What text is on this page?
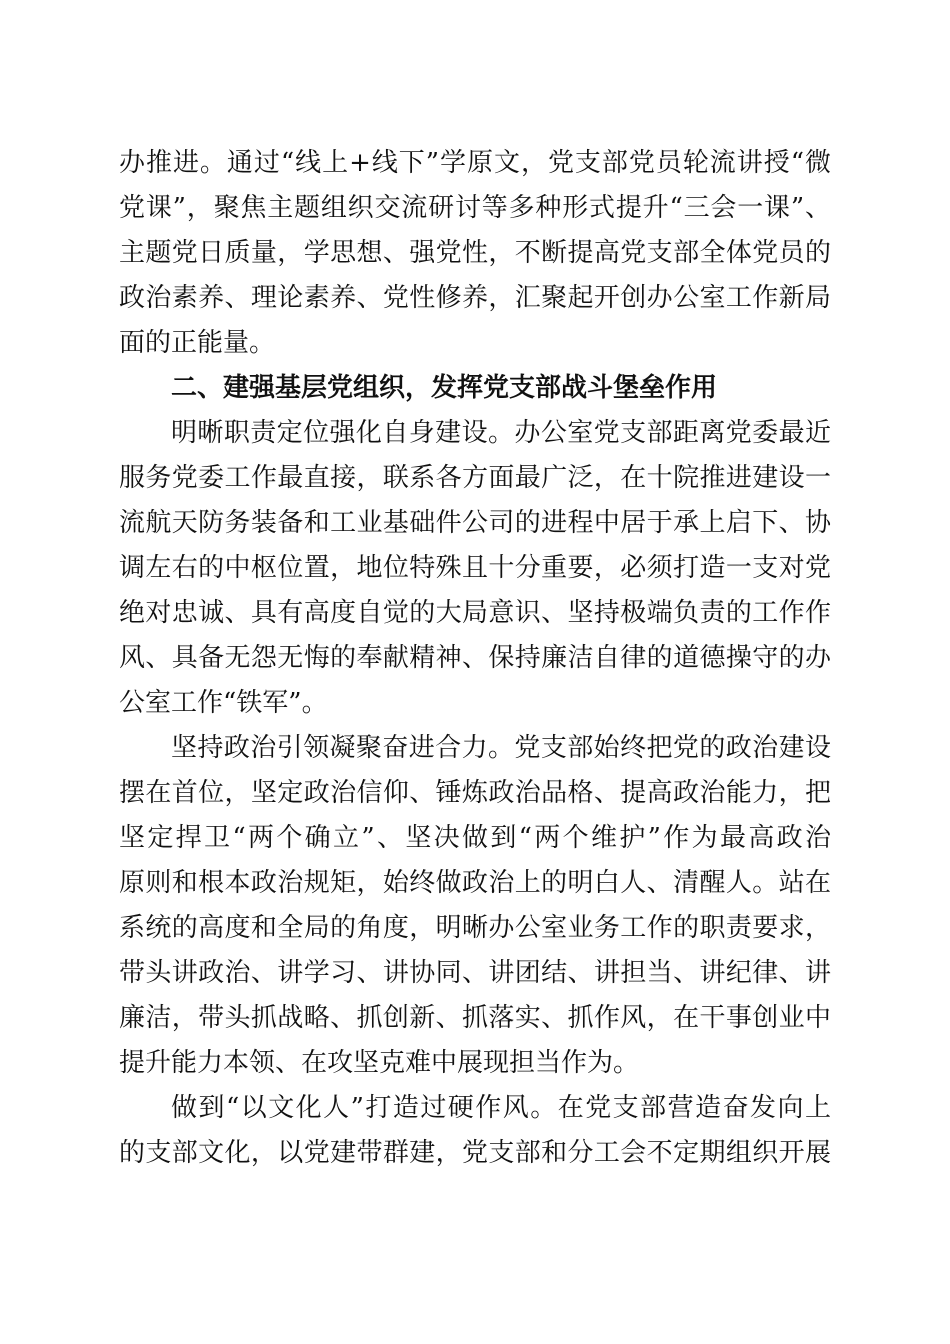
办推进。通过“线上+线下”学原文，党支部党员轮流讲授“微
党课”，聚焦主题组织交流研讨等多种形式提升“三会一课”、
主题党日质量，学思想、强党性，不断提高党支部全体党员的
政治素养、理论素养、党性修养，汇聚起开创办公室工作新局
面的正能量。
二、建强基层党组织，发挥党支部战斗堡垒作用
明晰职责定位强化自身建设。办公室党支部距离党委最近
服务党委工作最直接，联系各方面最广泛，在十院推进建设一
流航天防务装备和工业基础件公司的进程中居于承上启下、协
调左右的中枢位置，地位特殊且十分重要，必须打造一支对党
绝对忠诚、具有高度自觉的大局意识、坚持极端负责的工作作
风、具备无怨无悔的奉献精神、保持廉洁自律的道德操守的办
公室工作“铁军”。
坚持政治引领凝聚奋进合力。党支部始终把党的政治建设
摆在首位，坚定政治信仰、锤炼政治品格、提高政治能力，把
坚定捍卫“两个确立”、坚决做到“两个维护”作为最高政治
原则和根本政治规矩，始终做政治上的明白人、清醒人。站在
系统的高度和全局的角度，明晰办公室业务工作的职责要求，
带头讲政治、讲学习、讲协同、讲团结、讲担当、讲纪律、讲
廉洁，带头抓战略、抓创新、抓落实、抓作风，在干事创业中
提升能力本领、在攻坚克难中展现担当作为。
做到“以文化人”打造过硬作风。在党支部营造奋发向上
的支部文化，以党建带群建，党支部和分工会不定期组织开展
